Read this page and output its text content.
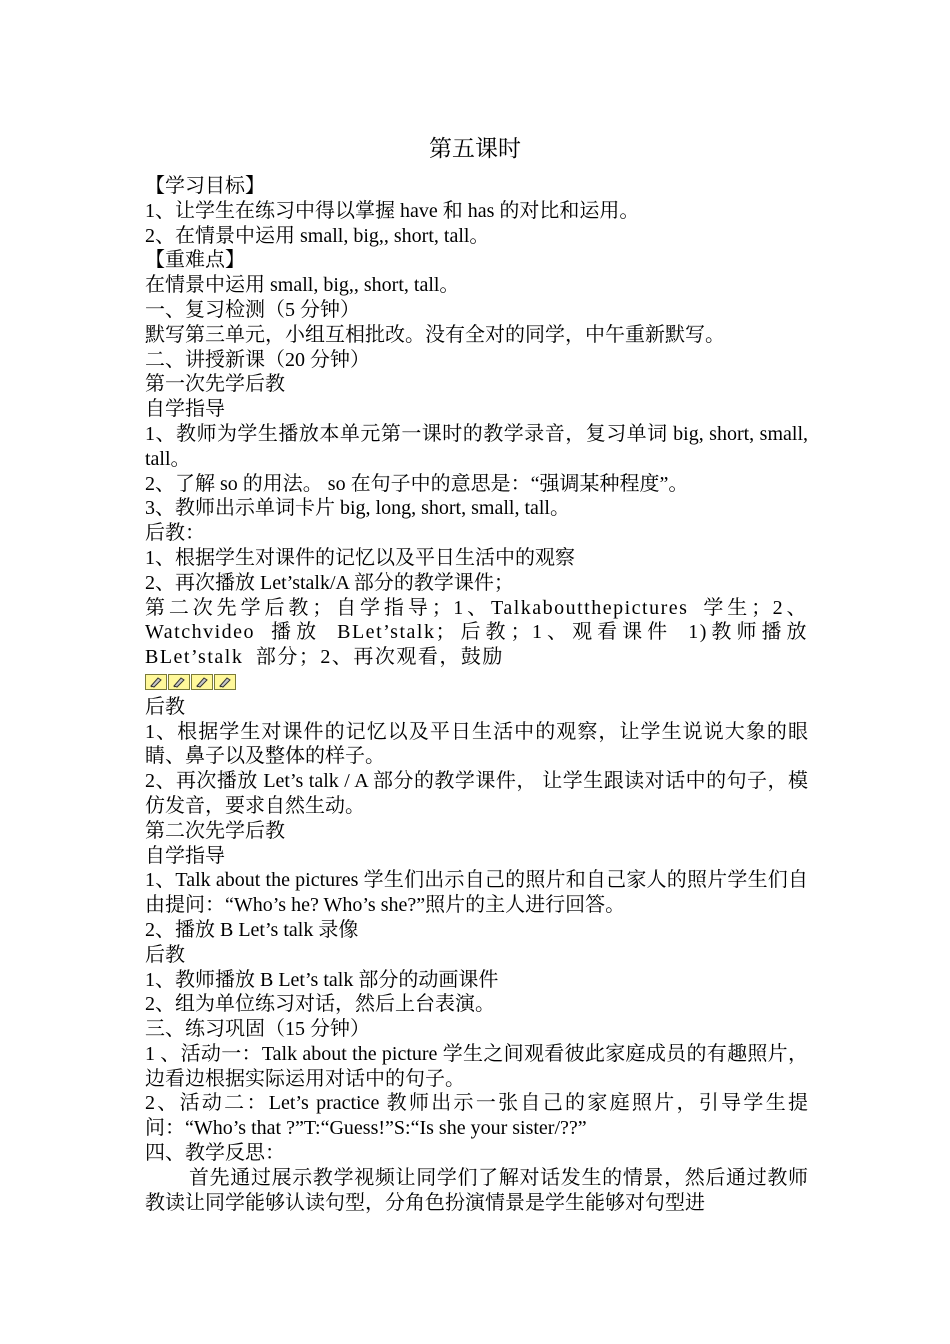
第五课时

【学习目标】

1、让学生在练习中得以掌握 have 和 has 的对比和运用。

2、在情景中运用 small, big,, short, tall。

【重难点】

在情景中运用 small, big,, short, tall。

一、复习检测（5 分钟）

默写第三单元，小组互相批改。没有全对的同学，中午重新默写。

二、讲授新课（20 分钟）

第一次先学后教

自学指导

1、教师为学生播放本单元第一课时的教学录音，复习单词 big, short, small, tall。

2、了解 so 的用法。 so 在句子中的意思是：“强调某种程度”。

3、教师出示单词卡片 big, long, short, small, tall。

后教：

1、根据学生对课件的记忆以及平日生活中的观察

2、再次播放 Let’stalk/A 部分的教学课件；

第二次先学后教；自学指导；1、Talkaboutthepictures 学生；2、Watchvideo 播放 BLet’stalk；后教；1、观看课件 1)教师播放 BLet’stalk 部分；2、再次观看，鼓励

后教

1、根据学生对课件的记忆以及平日生活中的观察，让学生说说大象的眼睛、鼻子以及整体的样子。

2、再次播放 Let’s talk / A 部分的教学课件， 让学生跟读对话中的句子，模仿发音，要求自然生动。

第二次先学后教

自学指导

1、Talk about the pictures 学生们出示自己的照片和自己家人的照片学生们自由提问：“Who’s he? Who’s she?”照片的主人进行回答。

2、播放 B Let’s talk 录像

后教

1、教师播放 B Let’s talk 部分的动画课件

2、组为单位练习对话，然后上台表演。

三、练习巩固（15 分钟）

1 、活动一：Talk about the picture 学生之间观看彼此家庭成员的有趣照片，边看边根据实际运用对话中的句子。

2、活动二：Let’s practice 教师出示一张自己的家庭照片，引导学生提问：“Who’s that ?”T:“Guess!”S:“Is she your sister/??”

四、教学反思：

首先通过展示教学视频让同学们了解对话发生的情景，然后通过教师教读让同学能够认读句型，分角色扮演情景是学生能够对句型进
